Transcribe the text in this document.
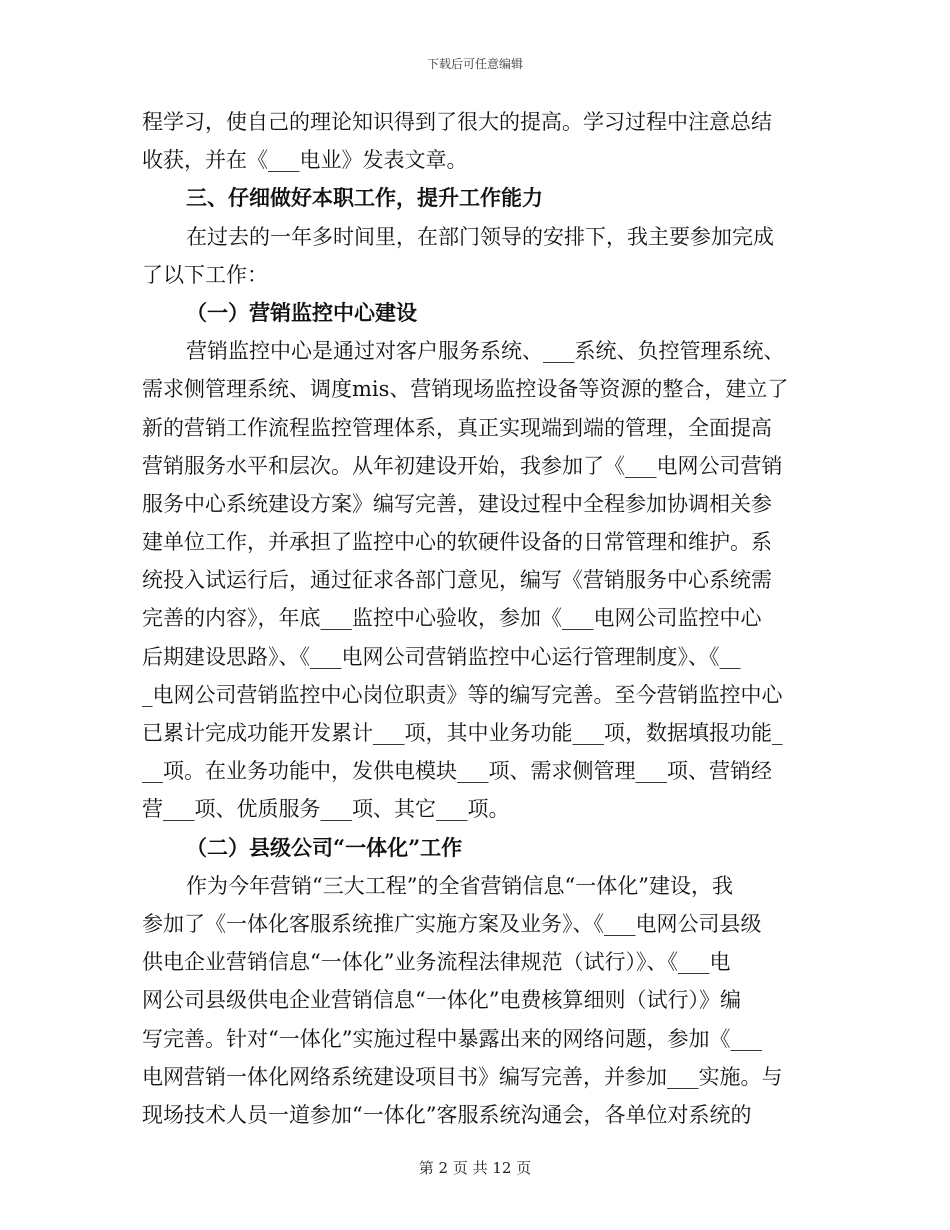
下载后可任意编辑
程学习，使自己的理论知识得到了很大的提高。学习过程中注意总结
收获，并在《___电业》发表文章。
三、仔细做好本职工作，提升工作能力
在过去的一年多时间里，在部门领导的安排下，我主要参加完成
了以下工作：
（一）营销监控中心建设
营销监控中心是通过对客户服务系统、___系统、负控管理系统、
需求侧管理系统、调度mis、营销现场监控设备等资源的整合，建立了
新的营销工作流程监控管理体系，真正实现端到端的管理，全面提高
营销服务水平和层次。从年初建设开始，我参加了《___电网公司营销
服务中心系统建设方案》编写完善，建设过程中全程参加协调相关参
建单位工作，并承担了监控中心的软硬件设备的日常管理和维护。系
统投入试运行后，通过征求各部门意见，编写《营销服务中心系统需
完善的内容》，年底___监控中心验收，参加《___电网公司监控中心
后期建设思路》、《___电网公司营销监控中心运行管理制度》、《__
_电网公司营销监控中心岗位职责》等的编写完善。至今营销监控中心
已累计完成功能开发累计___项，其中业务功能___项，数据填报功能_
__项。在业务功能中，发供电模块___项、需求侧管理___项、营销经
营___项、优质服务___项、其它___项。
（二）县级公司“一体化”工作
作为今年营销“三大工程”的全省营销信息“一体化”建设，我
参加了《一体化客服系统推广实施方案及业务》、《___电网公司县级
供电企业营销信息“一体化”业务流程法律规范（试行）》、《___电
网公司县级供电企业营销信息“一体化”电费核算细则（试行）》编
写完善。针对“一体化”实施过程中暴露出来的网络问题，参加《___
电网营销一体化网络系统建设项目书》编写完善，并参加___实施。与
现场技术人员一道参加“一体化”客服系统沟通会，各单位对系统的
第 2 页 共 12 页
